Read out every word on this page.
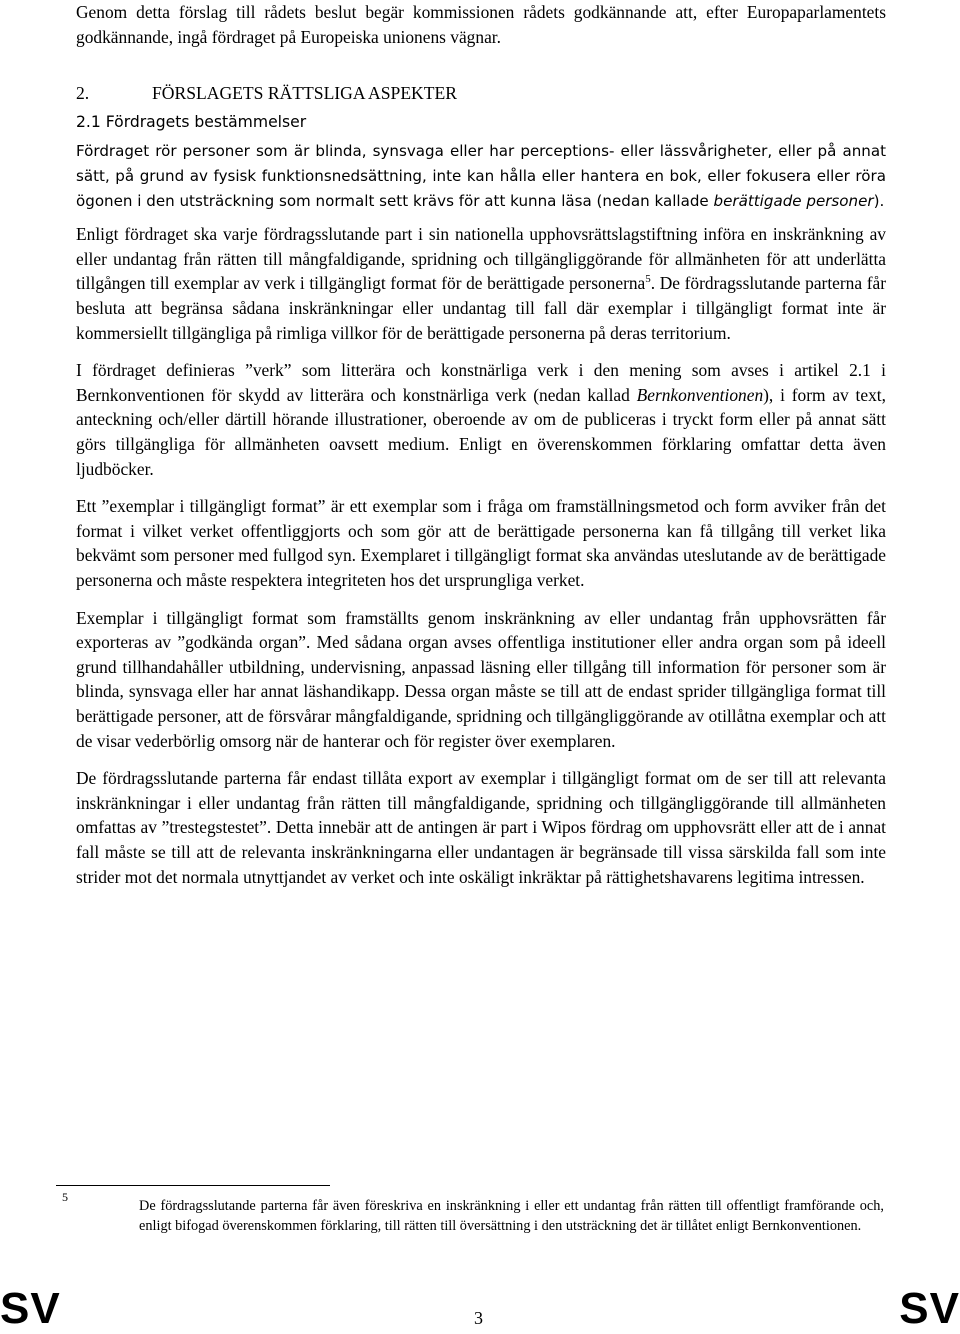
Genom detta förslag till rådets beslut begär kommissionen rådets godkännande att, efter Europaparlamentets godkännande, ingå fördraget på Europeiska unionens vägnar.

2.	FÖRSLAGETS RÄTTSLIGA ASPEKTER

2.1 Fördragets bestämmelser

Fördraget rör personer som är blinda, synsvaga eller har perceptions- eller lässvårigheter, eller på annat sätt, på grund av fysisk funktionsnedsättning, inte kan hålla eller hantera en bok, eller fokusera eller röra ögonen i den utsträckning som normalt sett krävs för att kunna läsa (nedan kallade berättigade personer).

Enligt fördraget ska varje fördragsslutande part i sin nationella upphovsrättslagstiftning införa en inskränkning av eller undantag från rätten till mångfaldigande, spridning och tillgängliggörande för allmänheten för att underlätta tillgången till exemplar av verk i tillgängligt format för de berättigade personerna$^5$. De fördragsslutande parterna får besluta att begränsa sådana inskränkningar eller undantag till fall där exemplar i tillgängligt format inte är kommersiellt tillgängliga på rimliga villkor för de berättigade personerna på deras territorium.

I fördraget definieras ”verk” som litterära och konstnärliga verk i den mening som avses i artikel 2.1 i Bernkonventionen för skydd av litterära och konstnärliga verk (nedan kallad Bernkonventionen), i form av text, anteckning och/eller därtill hörande illustrationer, oberoende av om de publiceras i tryckt form eller på annat sätt görs tillgängliga för allmänheten oavsett medium. Enligt en överenskommen förklaring omfattar detta även ljudböcker.

Ett ”exemplar i tillgängligt format” är ett exemplar som i fråga om framställningsmetod och form avviker från det format i vilket verket offentliggjorts och som gör att de berättigade personerna kan få tillgång till verket lika bekvämt som personer med fullgod syn. Exemplaret i tillgängligt format ska användas uteslutande av de berättigade personerna och måste respektera integriteten hos det ursprungliga verket.

Exemplar i tillgängligt format som framställts genom inskränkning av eller undantag från upphovsrätten får exporteras av ”godkända organ”. Med sådana organ avses offentliga institutioner eller andra organ som på ideell grund tillhandahåller utbildning, undervisning, anpassad läsning eller tillgång till information för personer som är blinda, synsvaga eller har annat läshandikapp. Dessa organ måste se till att de endast sprider tillgängliga format till berättigade personer, att de försvårar mångfaldigande, spridning och tillgängliggörande av otillåtna exemplar och att de visar vederbörlig omsorg när de hanterar och för register över exemplaren.

De fördragsslutande parterna får endast tillåta export av exemplar i tillgängligt format om de ser till att relevanta inskränkningar i eller undantag från rätten till mångfaldigande, spridning och tillgängliggörande till allmänheten omfattas av ”trestegstestet”. Detta innebär att de antingen är part i Wipos fördrag om upphovsrätt eller att de i annat fall måste se till att de relevanta inskränkningarna eller undantagen är begränsade till vissa särskilda fall som inte strider mot det normala utnyttjandet av verket och inte oskäligt inkräktar på rättighetshavarens legitima intressen.

5

De fördragsslutande parterna får även föreskriva en inskränkning i eller ett undantag från rätten till offentligt framförande och, enligt bifogad överenskommen förklaring, till rätten till översättning i den utsträckning det är tillåtet enligt Bernkonventionen.

SV	3	SV
